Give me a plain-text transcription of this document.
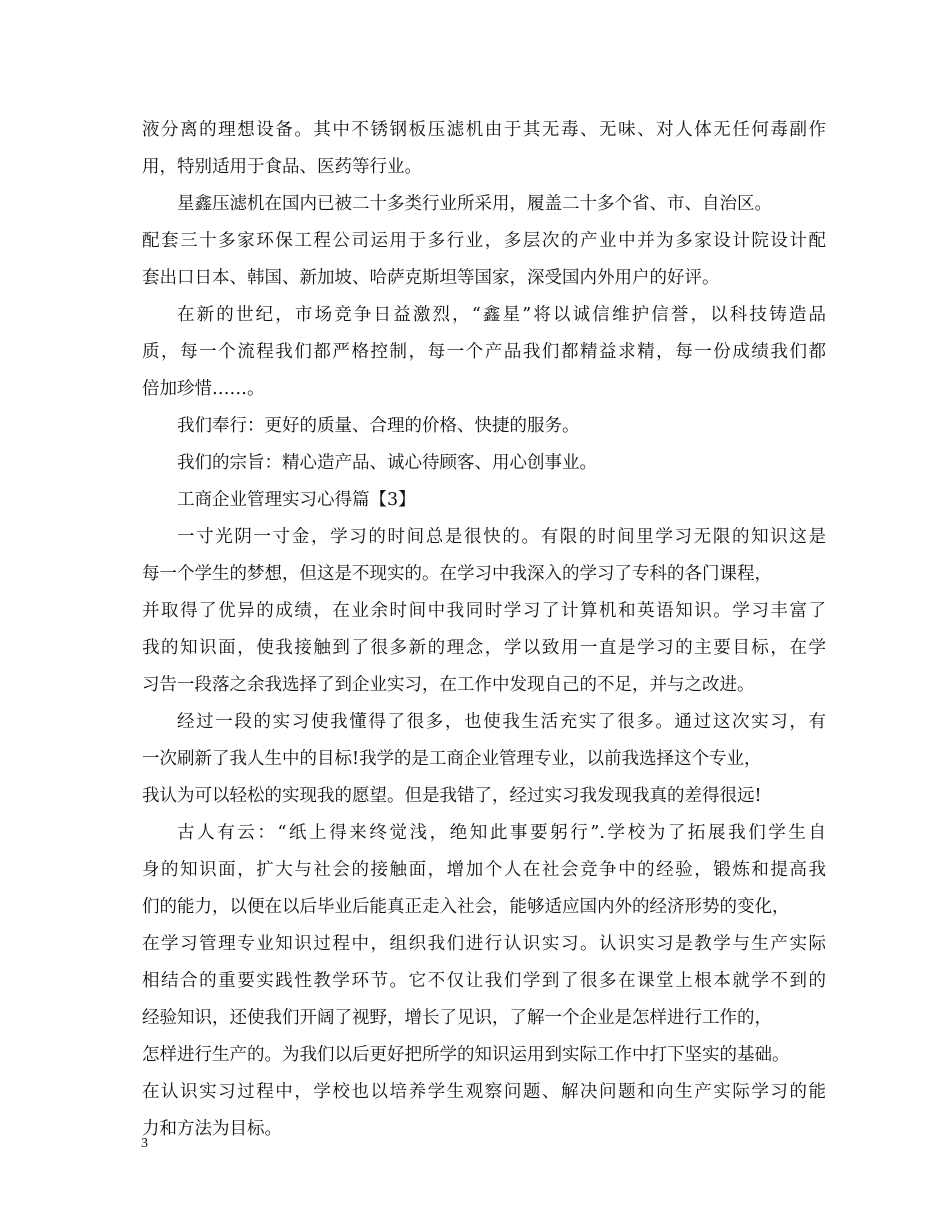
液分离的理想设备。其中不锈钢板压滤机由于其无毒、无味、对人体无任何毒副作
用，特别适用于食品、医药等行业。
星鑫压滤机在国内已被二十多类行业所采用，履盖二十多个省、市、自治区。
配套三十多家环保工程公司运用于多行业，多层次的产业中并为多家设计院设计配
套出口日本、韩国、新加坡、哈萨克斯坦等国家，深受国内外用户的好评。
在新的世纪，市场竞争日益激烈，“鑫星”将以诚信维护信誉，以科技铸造品
质，每一个流程我们都严格控制，每一个产品我们都精益求精，每一份成绩我们都
倍加珍惜……。
我们奉行：更好的质量、合理的价格、快捷的服务。
我们的宗旨：精心造产品、诚心待顾客、用心创事业。
工商企业管理实习心得篇【3】
一寸光阴一寸金，学习的时间总是很快的。有限的时间里学习无限的知识这是
每一个学生的梦想，但这是不现实的。在学习中我深入的学习了专科的各门课程，
并取得了优异的成绩，在业余时间中我同时学习了计算机和英语知识。学习丰富了
我的知识面，使我接触到了很多新的理念，学以致用一直是学习的主要目标，在学
习告一段落之余我选择了到企业实习，在工作中发现自己的不足，并与之改进。
经过一段的实习使我懂得了很多，也使我生活充实了很多。通过这次实习，有
一次刷新了我人生中的目标!我学的是工商企业管理专业，以前我选择这个专业，
我认为可以轻松的实现我的愿望。但是我错了，经过实习我发现我真的差得很远!
古人有云：“纸上得来终觉浅，绝知此事要躬行”.学校为了拓展我们学生自
身的知识面，扩大与社会的接触面，增加个人在社会竞争中的经验，锻炼和提高我
们的能力，以便在以后毕业后能真正走入社会，能够适应国内外的经济形势的变化，
在学习管理专业知识过程中，组织我们进行认识实习。认识实习是教学与生产实际
相结合的重要实践性教学环节。它不仅让我们学到了很多在课堂上根本就学不到的
经验知识，还使我们开阔了视野，增长了见识，了解一个企业是怎样进行工作的，
怎样进行生产的。为我们以后更好把所学的知识运用到实际工作中打下坚实的基础。
在认识实习过程中，学校也以培养学生观察问题、解决问题和向生产实际学习的能
力和方法为目标。
3
